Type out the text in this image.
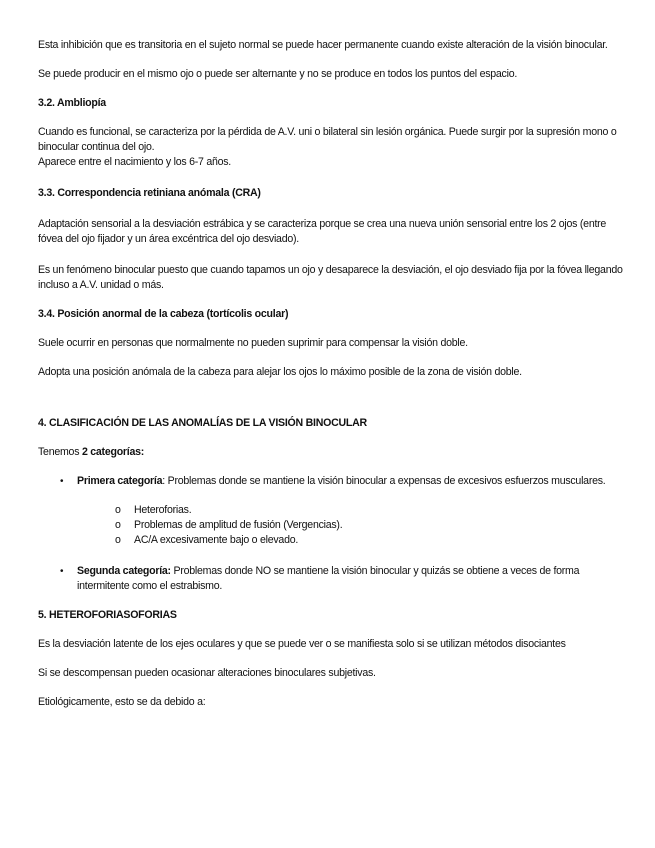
Esta inhibición que es transitoria en el sujeto normal se puede hacer permanente cuando existe alteración de la visión binocular.

Se puede producir en el mismo ojo o puede ser alternante y no se produce en todos los puntos del espacio.

3.2. Ambliopía

Cuando es funcional, se caracteriza por la pérdida de A.V. uni o bilateral sin lesión orgánica. Puede surgir por la supresión mono o binocular continua del ojo.

Aparece entre el nacimiento y los 6-7 años.

3.3. Correspondencia retiniana anómala (CRA)

Adaptación sensorial a la desviación estrábica y se caracteriza porque se crea una nueva unión sensorial entre los 2 ojos (entre fóvea del ojo fijador y un área excéntrica del ojo desviado).

Es un fenómeno binocular puesto que cuando tapamos un ojo y desaparece la desviación, el ojo desviado fija por la fóvea llegando incluso a A.V. unidad o más.

3.4. Posición anormal de la cabeza (tortícolis ocular)

Suele ocurrir en personas que normalmente no pueden suprimir para compensar la visión doble.

Adopta una posición anómala de la cabeza para alejar los ojos lo máximo posible de la zona de visión doble.

4. CLASIFICACIÓN DE LAS ANOMALÍAS DE LA VISIÓN BINOCULAR

Tenemos 2 categorías:

• Primera categoría: Problemas donde se mantiene la visión binocular a expensas de excesivos esfuerzos musculares.
o Heteroforias.
o Problemas de amplitud de fusión (Vergencias).
o AC/A excesivamente bajo o elevado.
• Segunda categoría: Problemas donde NO se mantiene la visión binocular y quizás se obtiene a veces de forma intermitente como el estrabismo.
5. HETEROFORIASOFORIAS

Es la desviación latente de los ejes oculares y que se puede ver o se manifiesta solo si se utilizan métodos disociantes

Si se descompensan pueden ocasionar alteraciones binoculares subjetivas.

Etiológicamente, esto se da debido a:
